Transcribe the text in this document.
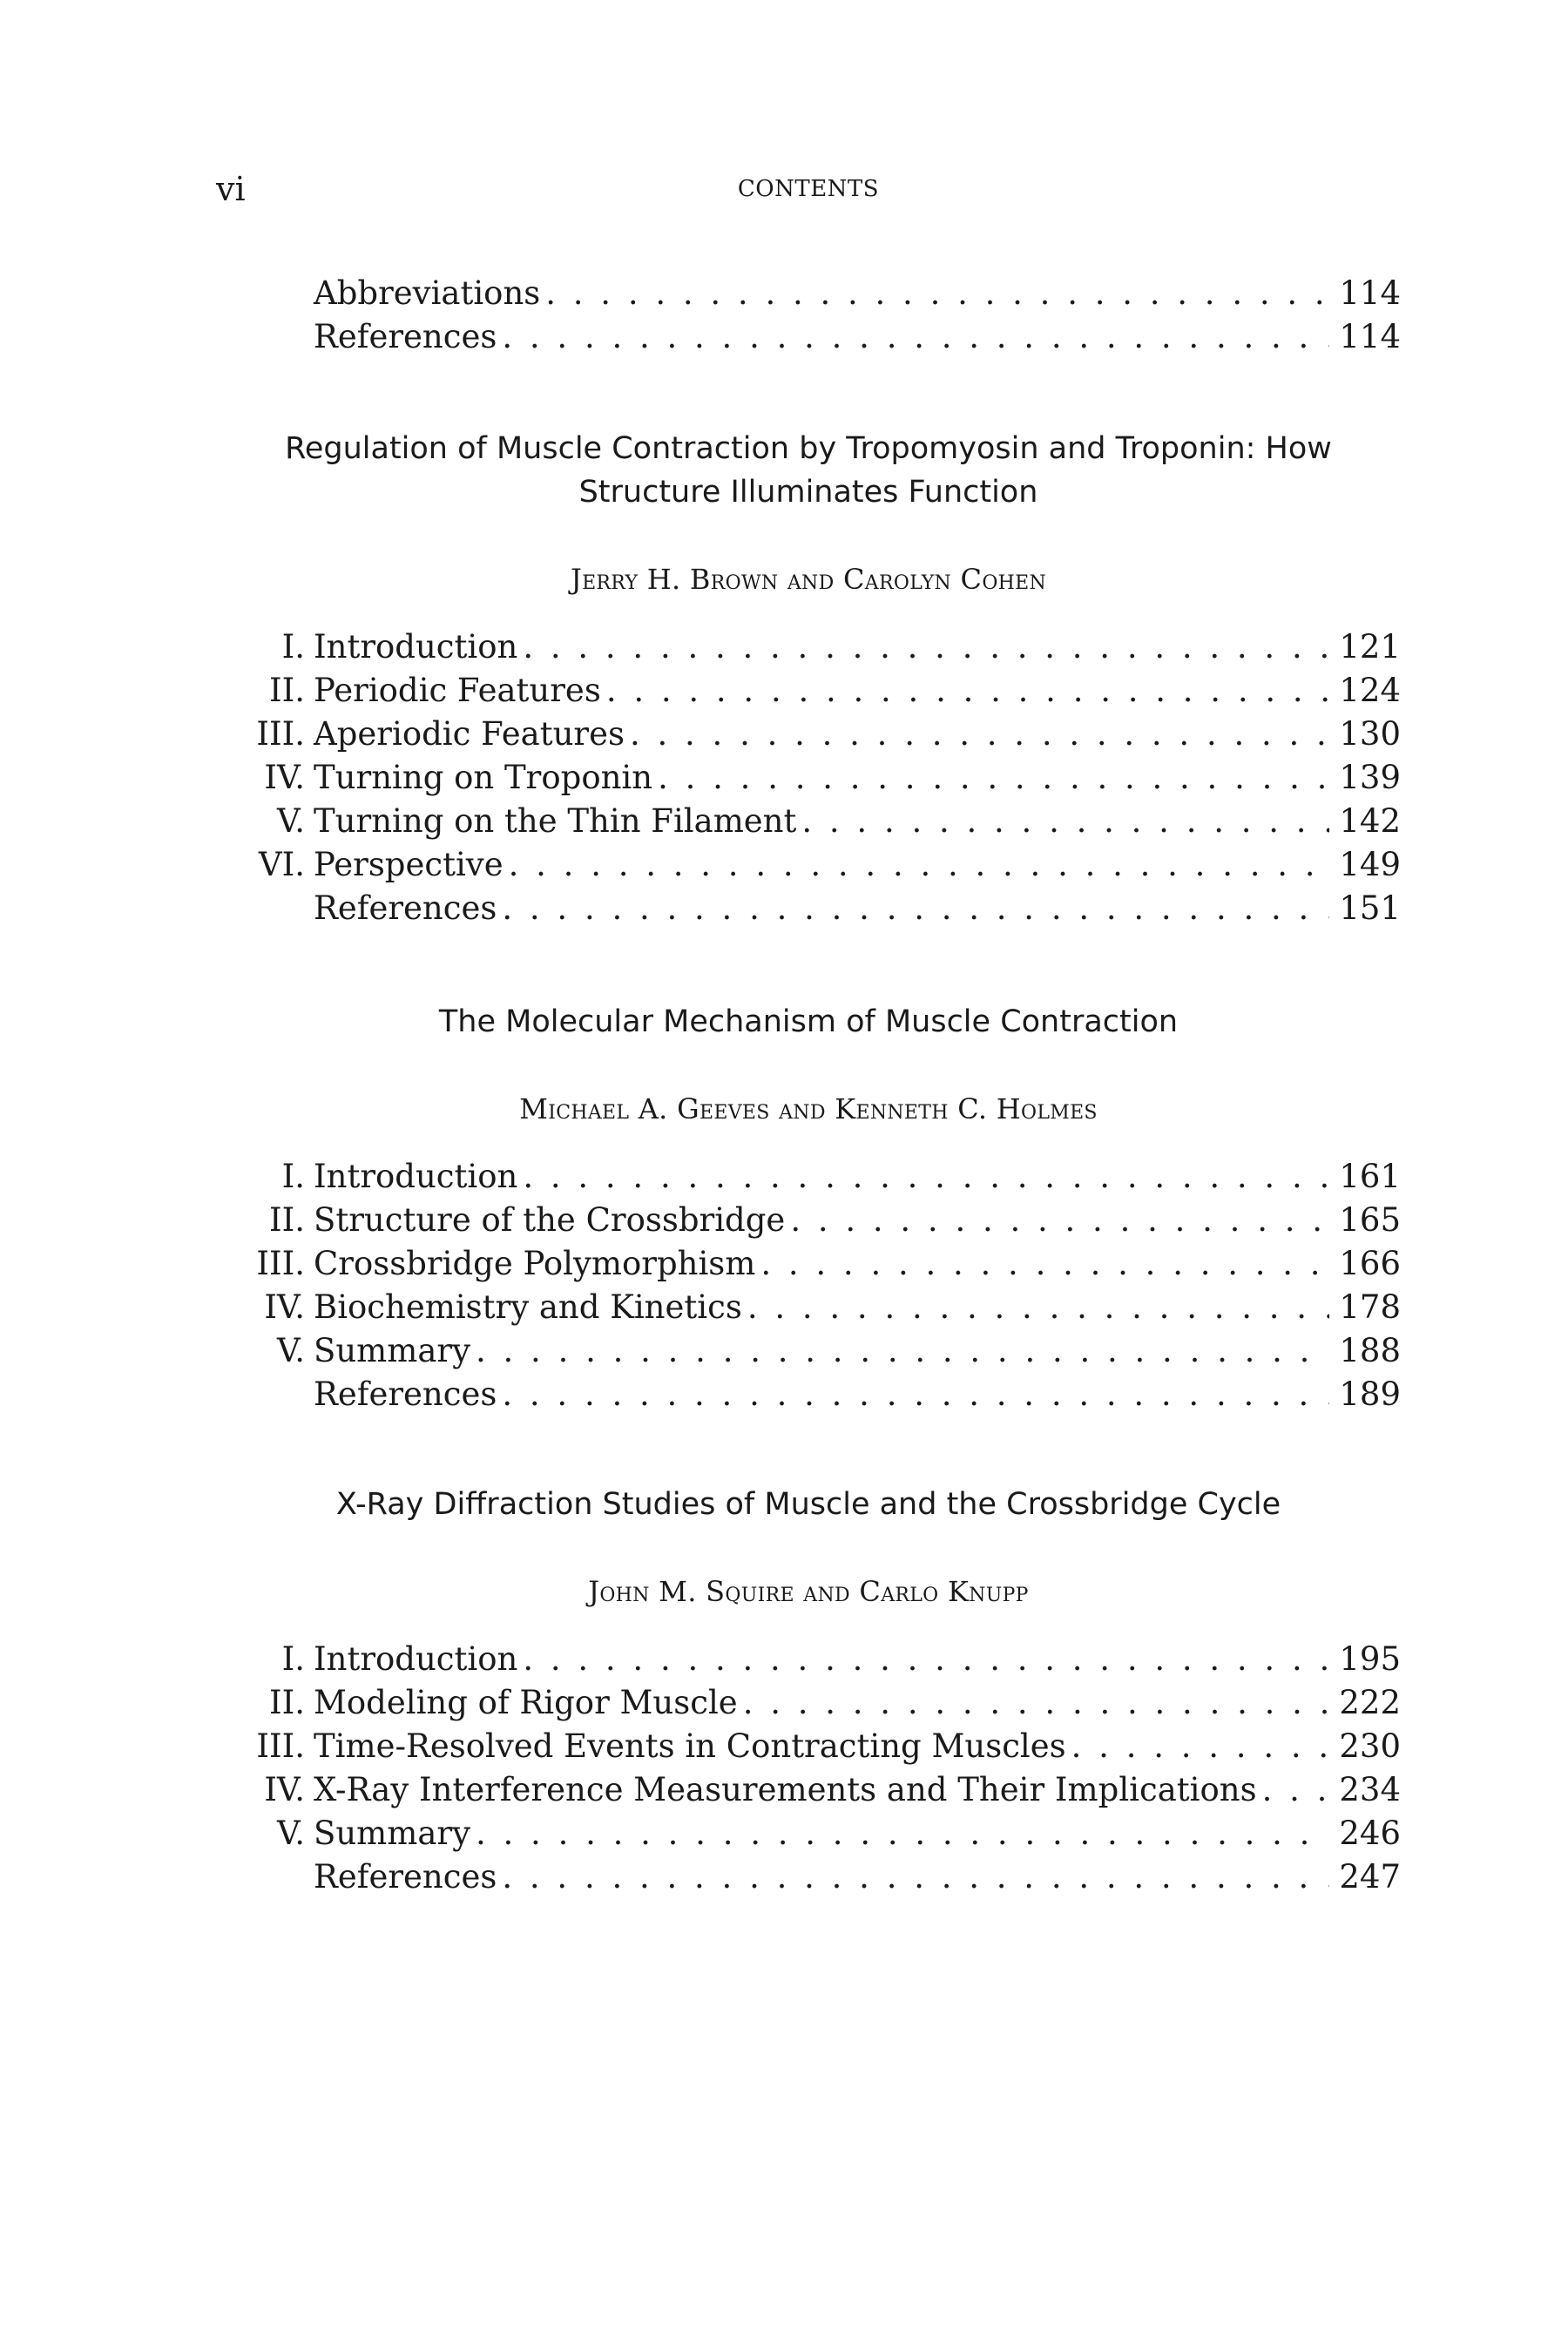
vi	CONTENTS
Abbreviations . . .	114
References . . .	114
Regulation of Muscle Contraction by Tropomyosin and Troponin: How
Structure Illuminates Function
Jerry H. Brown and Carolyn Cohen
I. Introduction . . .	121
II. Periodic Features . . .	124
III. Aperiodic Features . . .	130
IV. Turning on Troponin . . .	139
V. Turning on the Thin Filament . . .	142
VI. Perspective . . .	149
References . . .	151
The Molecular Mechanism of Muscle Contraction
Michael A. Geeves and Kenneth C. Holmes
I. Introduction . . .	161
II. Structure of the Crossbridge . . .	165
III. Crossbridge Polymorphism . . .	166
IV. Biochemistry and Kinetics . . .	178
V. Summary . . .	188
References . . .	189
X-Ray Diffraction Studies of Muscle and the Crossbridge Cycle
John M. Squire and Carlo Knupp
I. Introduction . . .	195
II. Modeling of Rigor Muscle . . .	222
III. Time-Resolved Events in Contracting Muscles . . .	230
IV. X-Ray Interference Measurements and Their Implications . . .	234
V. Summary . . .	246
References . . .	247
